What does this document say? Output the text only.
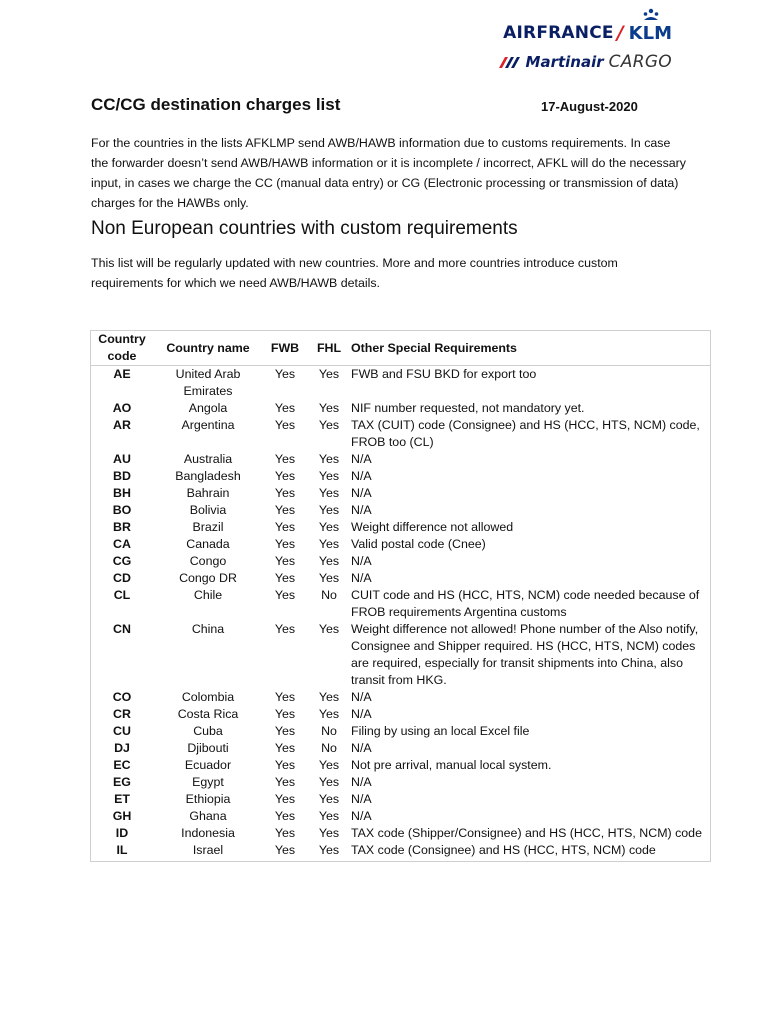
AIRFRANCE / KLM
Martinair CARGO
CC/CG destination charges list	17-August-2020
For the countries in the lists AFKLMP send AWB/HAWB information due to customs requirements. In case the forwarder doesn’t send AWB/HAWB information or it is incomplete / incorrect, AFKL will do the necessary input, in cases we charge the CC (manual data entry) or CG (Electronic processing or transmission of data) charges for the HAWBs only.
Non European countries with custom requirements
This list will be regularly updated with new countries. More and more countries introduce custom requirements for which we need AWB/HAWB details.
Country code	Country name	FWB	FHL	Other Special Requirements
AE	United Arab Emirates	Yes	Yes	FWB and FSU BKD for export too
AO	Angola	Yes	Yes	NIF number requested, not mandatory yet.
AR	Argentina	Yes	Yes	TAX (CUIT) code (Consignee) and HS (HCC, HTS, NCM) code, FROB too (CL)
AU	Australia	Yes	Yes	N/A
BD	Bangladesh	Yes	Yes	N/A
BH	Bahrain	Yes	Yes	N/A
BO	Bolivia	Yes	Yes	N/A
BR	Brazil	Yes	Yes	Weight difference not allowed
CA	Canada	Yes	Yes	Valid postal code (Cnee)
CG	Congo	Yes	Yes	N/A
CD	Congo DR	Yes	Yes	N/A
CL	Chile	Yes	No	CUIT code and HS (HCC, HTS, NCM) code needed because of FROB requirements Argentina customs
CN	China	Yes	Yes	Weight difference not allowed! Phone number of the Also notify, Consignee and Shipper required. HS (HCC, HTS, NCM) codes are required, especially for transit shipments into China, also transit from HKG.
CO	Colombia	Yes	Yes	N/A
CR	Costa Rica	Yes	Yes	N/A
CU	Cuba	Yes	No	Filing by using an local Excel file
DJ	Djibouti	Yes	No	N/A
EC	Ecuador	Yes	Yes	Not pre arrival, manual local system.
EG	Egypt	Yes	Yes	N/A
ET	Ethiopia	Yes	Yes	N/A
GH	Ghana	Yes	Yes	N/A
ID	Indonesia	Yes	Yes	TAX code (Shipper/Consignee) and HS (HCC, HTS, NCM) code
IL	Israel	Yes	Yes	TAX code (Consignee) and HS (HCC, HTS, NCM) code
